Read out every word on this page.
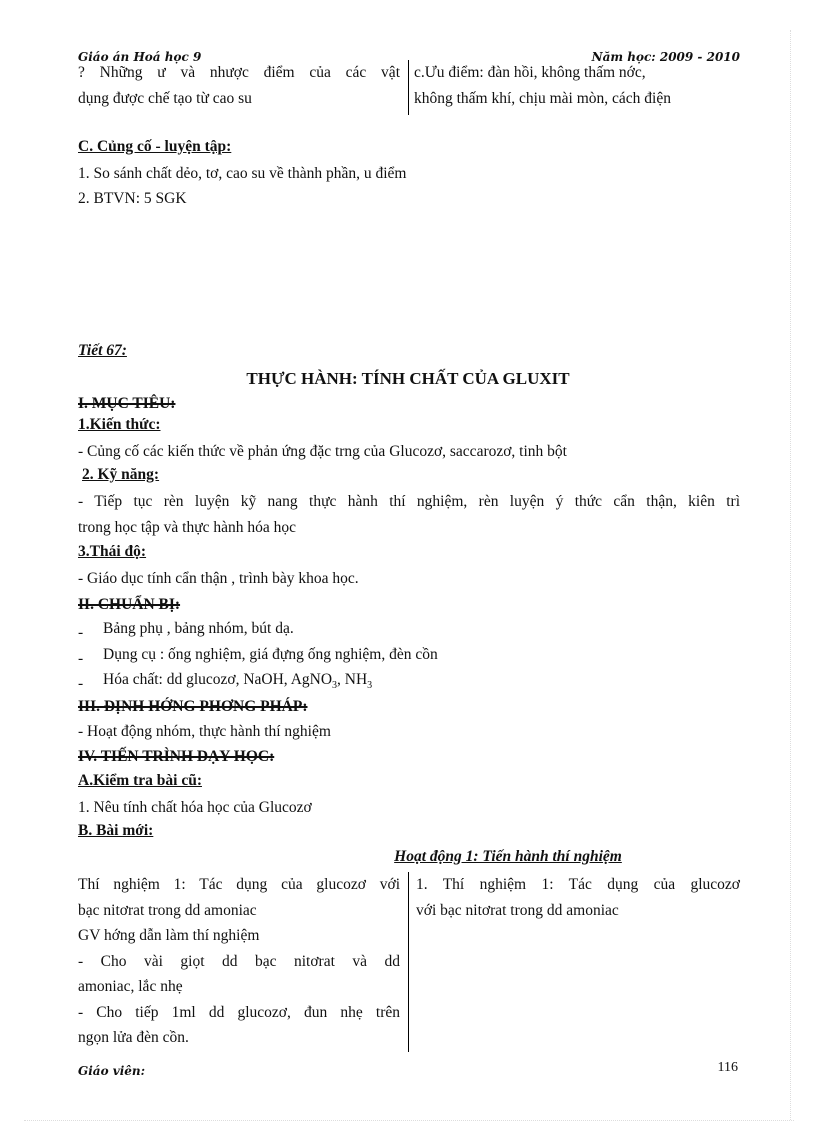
Giáo án Hoá học 9	Năm học: 2009 - 2010
? Những ư và nhược điểm của các vật
dụng được chế tạo từ cao su
c.Ưu điểm: đàn hồi, không thấm nớc,
không thấm khí, chịu mài mòn, cách điện
C. Củng cố - luyện tập:
1. So sánh chất dẻo, tơ, cao su về thành phần, u điểm
2. BTVN: 5 SGK
Tiết 67:
THỰC HÀNH: TÍNH CHẤT CỦA GLUXIT
I. MỤC TIÊU:
1.Kiến thức:
- Củng cố các kiến thức về phản ứng đặc trng của Glucozơ, saccarozơ, tinh bột
2. Kỹ năng:
- Tiếp tục rèn luyện kỹ nang thực hành thí nghiệm, rèn luyện ý thức cẩn thận, kiên trì
trong học tập và thực hành hóa học
3.Thái độ:
- Giáo dục tính cẩn thận , trình bày khoa học.
II. CHUẨN BỊ:
- Bảng phụ , bảng nhóm, bút dạ.
- Dụng cụ : ống nghiệm, giá đựng ống nghiệm, đèn cồn
- Hóa chất: dd glucozơ, NaOH, AgNO$_3$, $NH_3$
III. ĐỊNH HỚNG PHƠNG PHÁP:
- Hoạt động nhóm, thực hành thí nghiệm
IV. TIẾN TRÌNH DẠY HỌC:
A.Kiểm tra bài cũ:
1. Nêu tính chất hóa học của Glucozơ
B. Bài mới:
Hoạt động 1: Tiến hành thí nghiệm
Thí nghiệm 1: Tác dụng của glucozơ với
bạc nitơrat trong dd amoniac
GV hớng dẫn làm thí nghiệm
- Cho vài giọt dd bạc nitơrat và dd
amoniac, lắc nhẹ
- Cho tiếp 1ml dd glucozơ, đun nhẹ trên
ngọn lửa đèn cồn.
1. Thí nghiệm 1: Tác dụng của glucozơ
với bạc nitơrat trong dd amoniac
Giáo viên:	116
